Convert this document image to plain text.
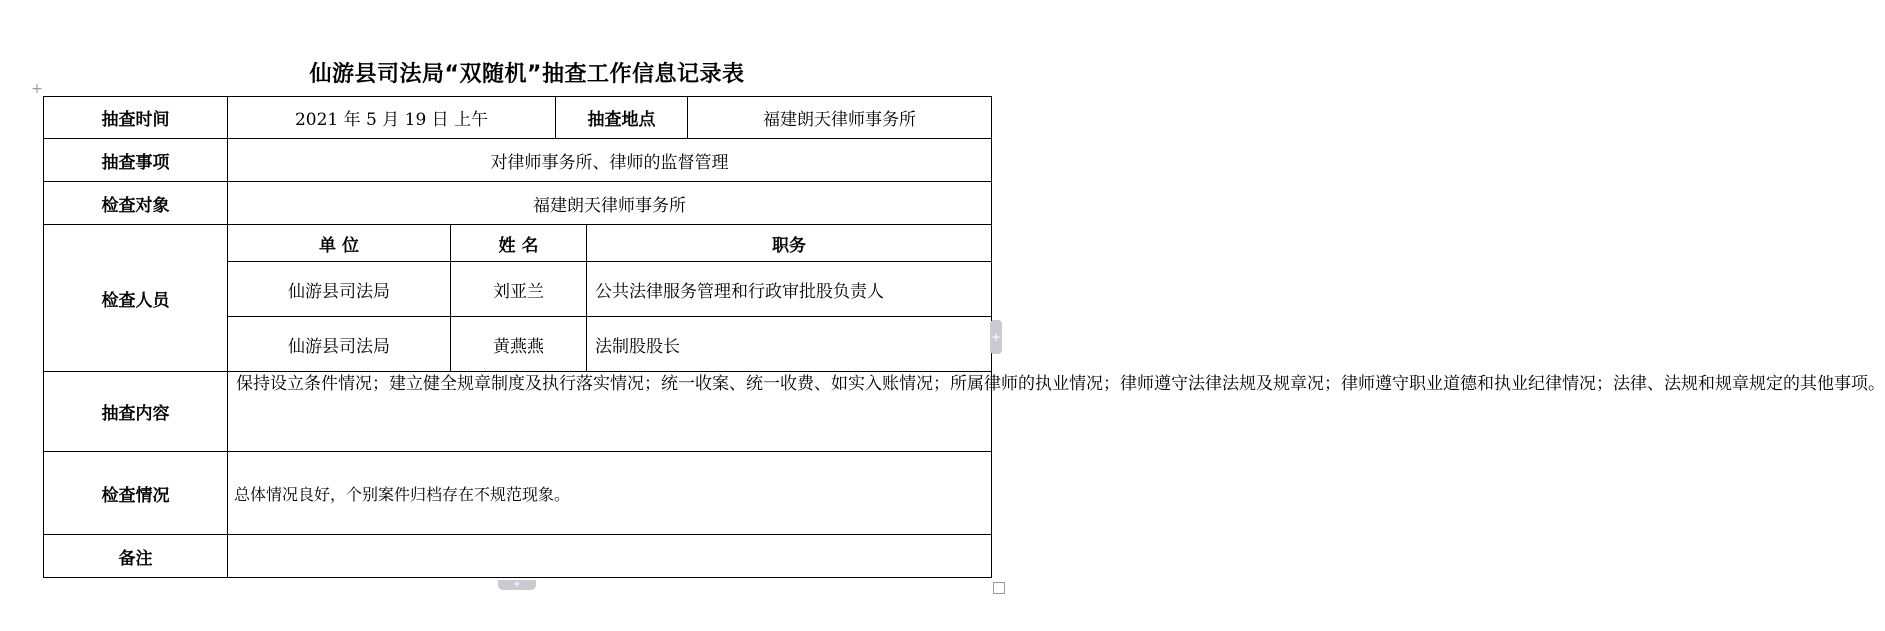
仙游县司法局“双随机”抽查工作信息记录表
+
抽查时间	2021 年 5 月 19 日 上午		抽查地点		福建朗天律师事务所
抽查事项	对律师事务所、律师的监督管理				
检查对象	福建朗天律师事务所				
检查人员	单 位	姓 名		职务	
	仙游县司法局	刘亚兰		公共法律服务管理和行政审批股负责人	
	仙游县司法局	黄燕燕		法制股股长	
抽查内容	保持设立条件情况；建立健全规章制度及执行落实情况；统一收案、统一收费、如实入账情况；所属律师的执业情况；律师遵守法律法规及规章况；律师遵守职业道德和执业纪律情况；法律、法规和规章规定的其他事项。				
检查情况	总体情况良好，个别案件归档存在不规范现象。				
备注					
+
+
